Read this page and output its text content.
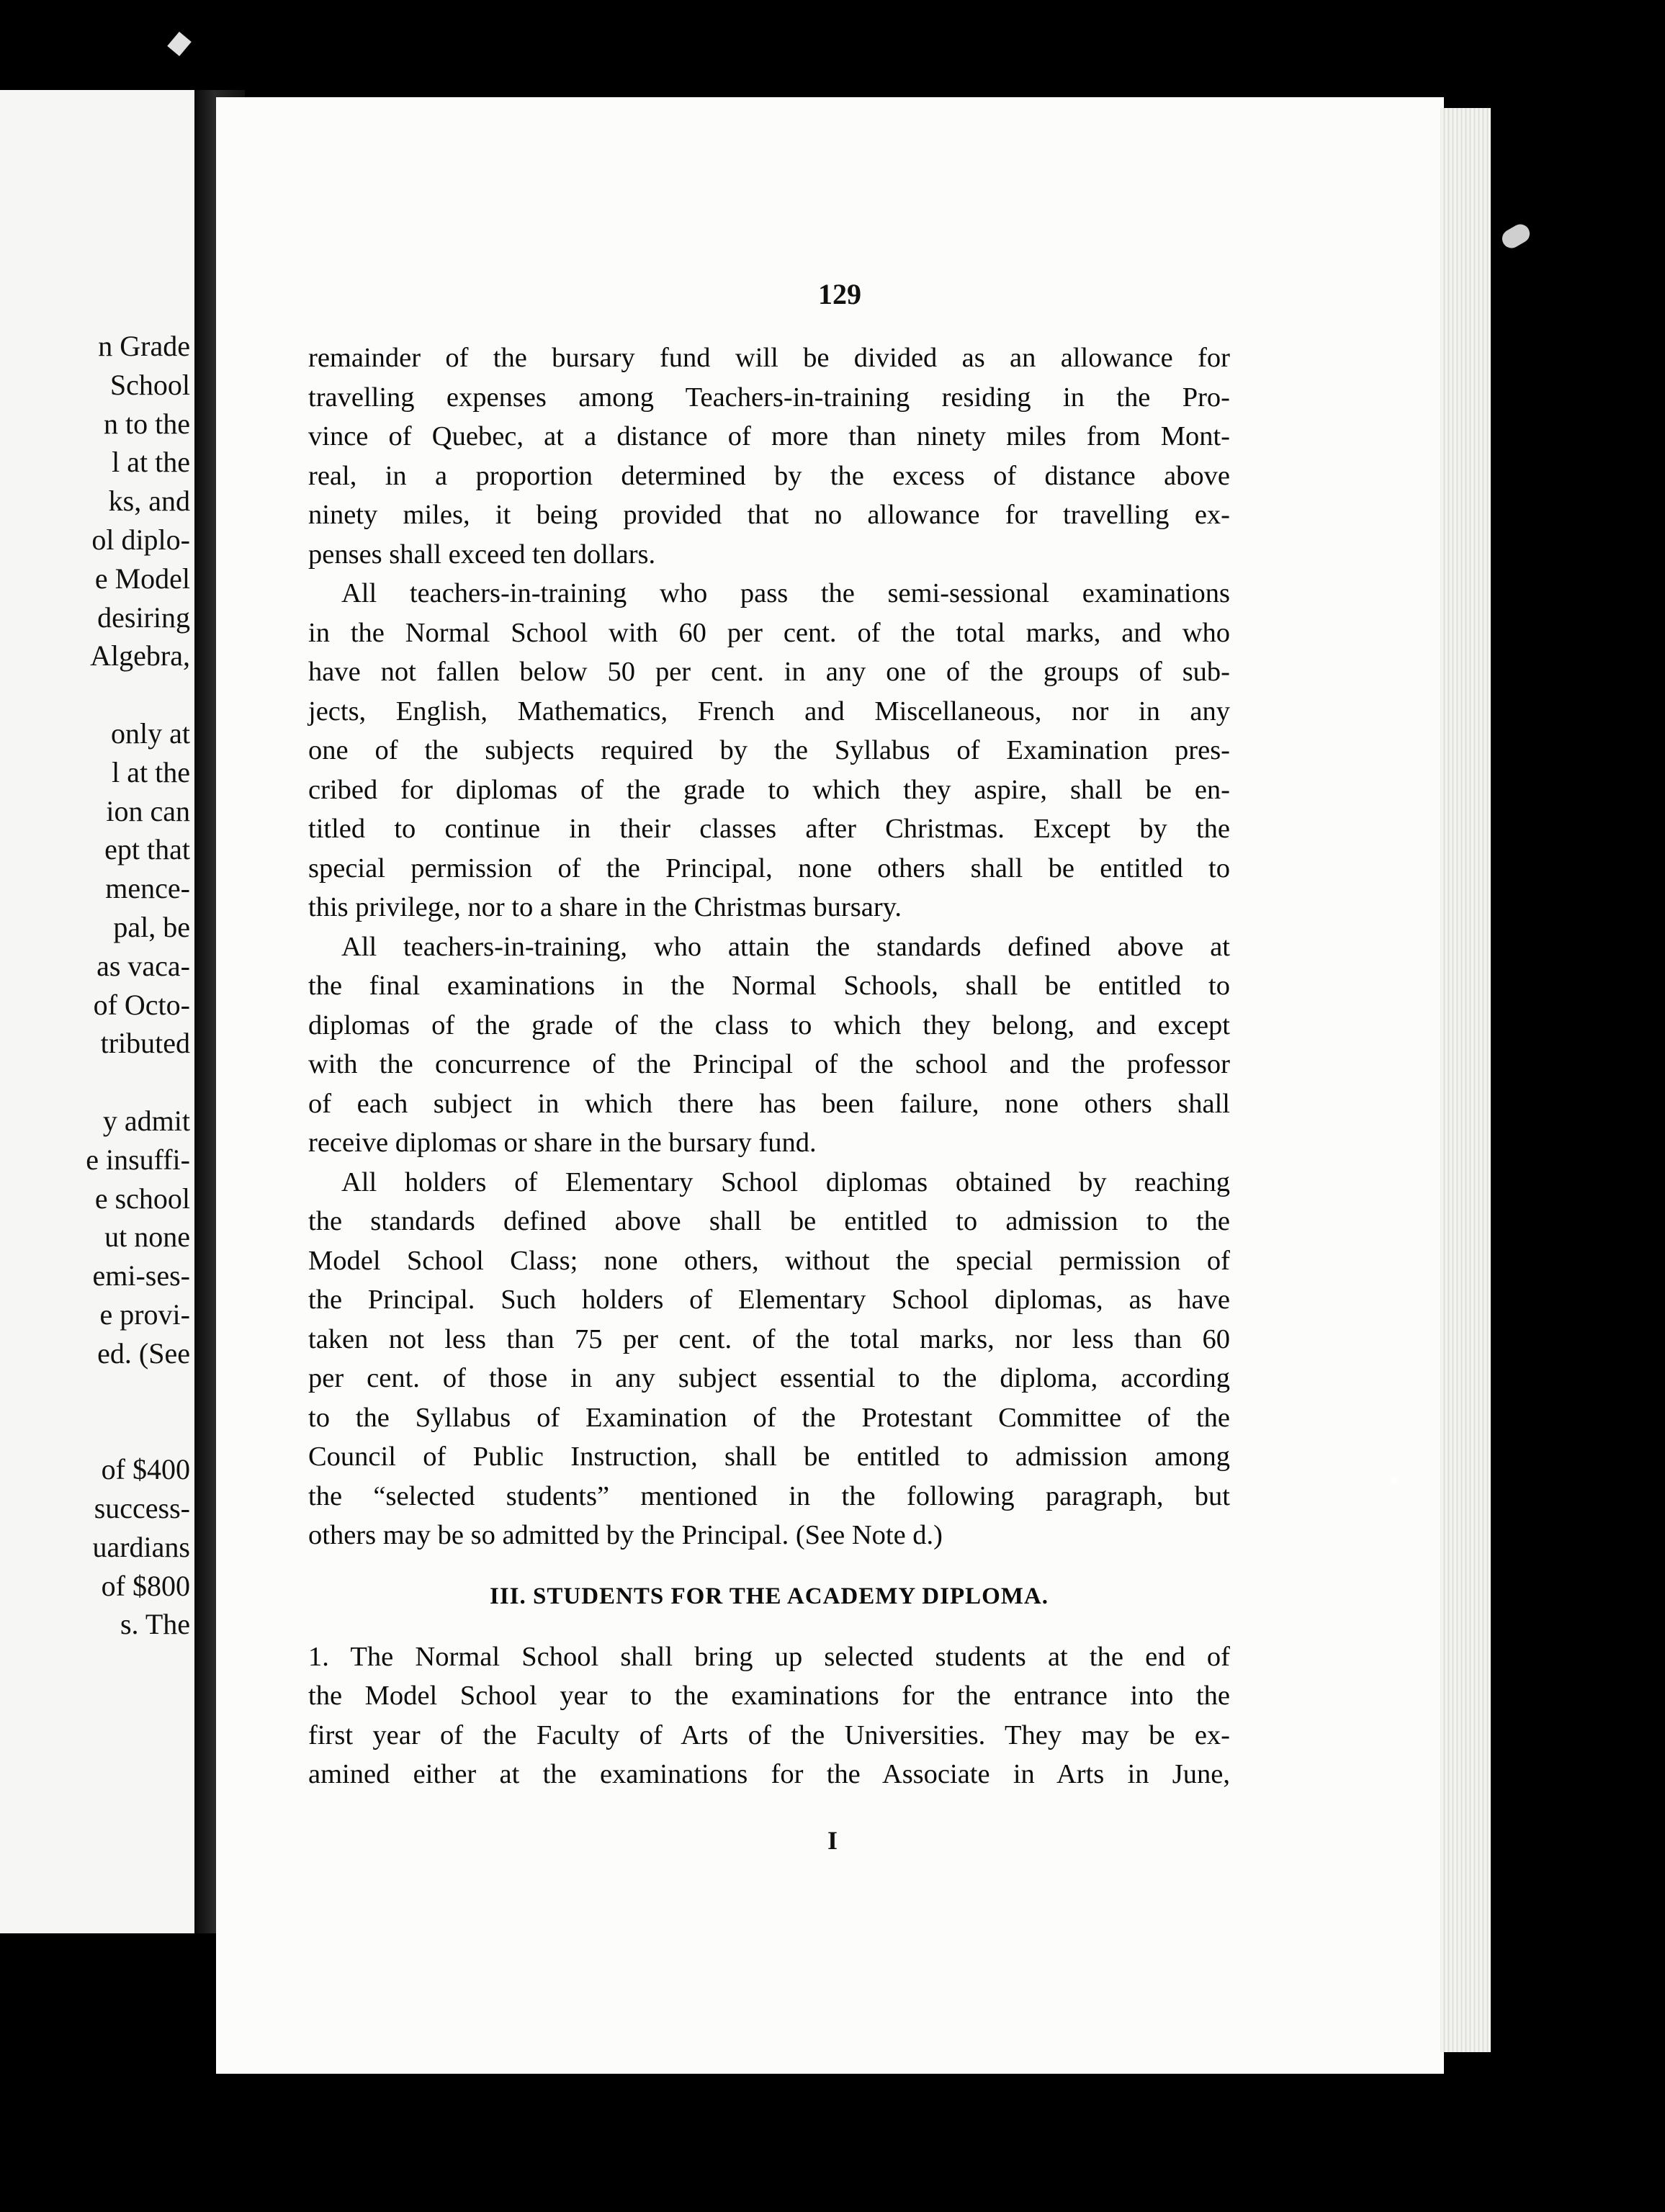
n Grade
School
n to the
l at the
ks, and
ol diplo-
e Model
desiring
Algebra,
only at
l at the
ion can
ept that
mence-
pal, be
as vaca-
of Octo-
tributed
y admit
e insuffi-
e school
ut none
emi-ses-
e provi-
ed. (See
of $400
success-
uardians
of $800
s. The
129
remainder of the bursary fund will be divided as an allowance for
travelling expenses among Teachers-in-training residing in the Pro-
vince of Quebec, at a distance of more than ninety miles from Mont-
real, in a proportion determined by the excess of distance above
ninety miles, it being provided that no allowance for travelling ex-
penses shall exceed ten dollars.
All teachers-in-training who pass the semi-sessional examinations
in the Normal School with 60 per cent. of the total marks, and who
have not fallen below 50 per cent. in any one of the groups of sub-
jects, English, Mathematics, French and Miscellaneous, nor in any
one of the subjects required by the Syllabus of Examination pres-
cribed for diplomas of the grade to which they aspire, shall be en-
titled to continue in their classes after Christmas. Except by the
special permission of the Principal, none others shall be entitled to
this privilege, nor to a share in the Christmas bursary.
All teachers-in-training, who attain the standards defined above at
the final examinations in the Normal Schools, shall be entitled to
diplomas of the grade of the class to which they belong, and except
with the concurrence of the Principal of the school and the professor
of each subject in which there has been failure, none others shall
receive diplomas or share in the bursary fund.
All holders of Elementary School diplomas obtained by reaching
the standards defined above shall be entitled to admission to the
Model School Class; none others, without the special permission of
the Principal. Such holders of Elementary School diplomas, as have
taken not less than 75 per cent. of the total marks, nor less than 60
per cent. of those in any subject essential to the diploma, according
to the Syllabus of Examination of the Protestant Committee of the
Council of Public Instruction, shall be entitled to admission among
the “selected students” mentioned in the following paragraph, but
others may be so admitted by the Principal. (See Note d.)
III. STUDENTS FOR THE ACADEMY DIPLOMA.
1. The Normal School shall bring up selected students at the end of
the Model School year to the examinations for the entrance into the
first year of the Faculty of Arts of the Universities. They may be ex-
amined either at the examinations for the Associate in Arts in June,
I
